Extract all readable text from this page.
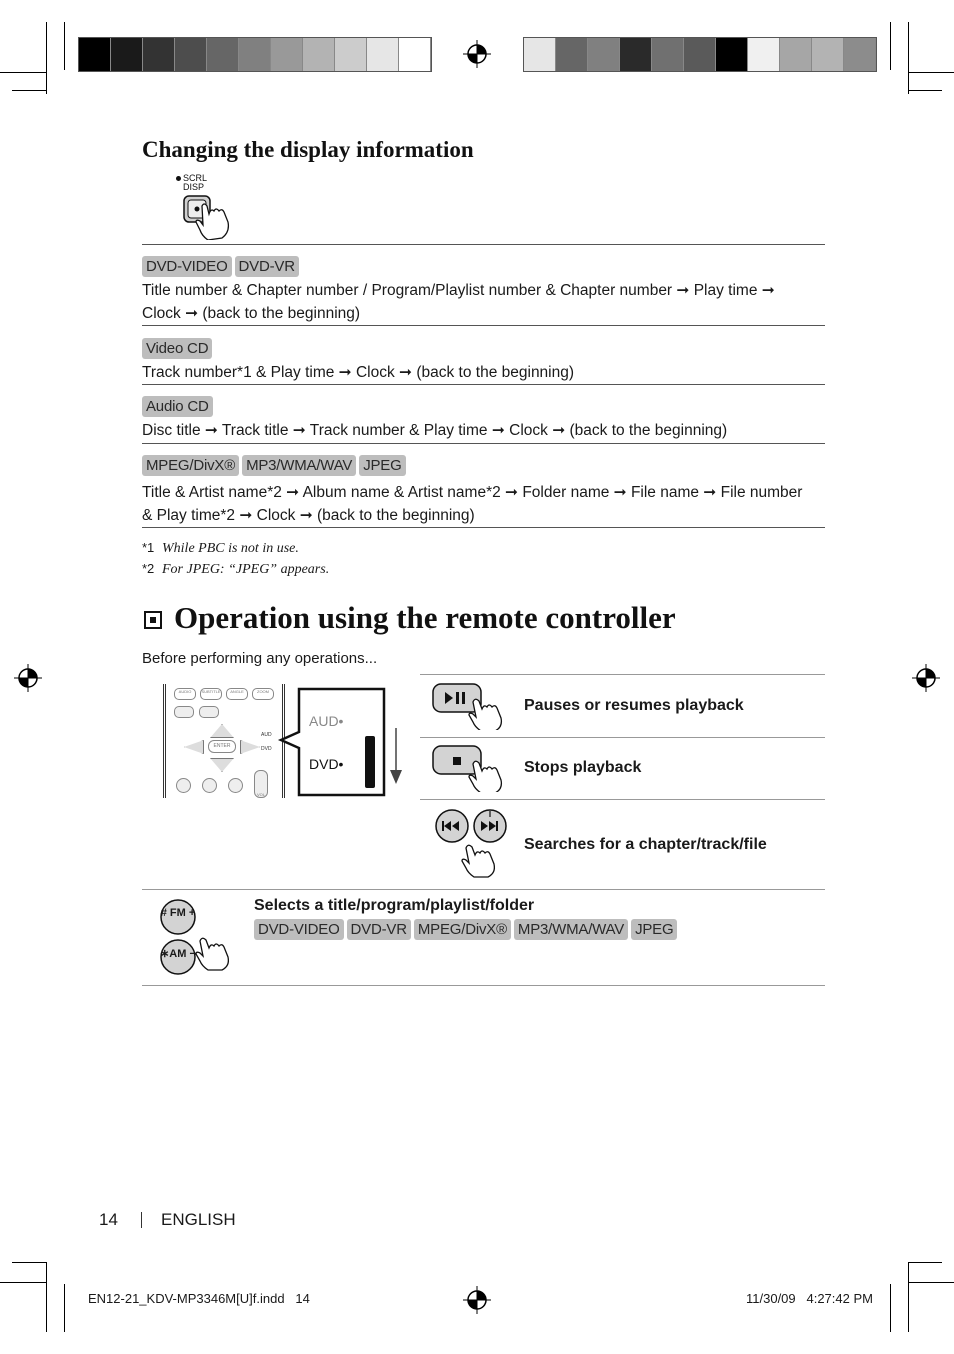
Changing the display information
SCRL
DISP
DVD-VIDEO DVD-VR
Title number & Chapter number / Program/Playlist number & Chapter number ➞ Play time ➞
Clock ➞ (back to the beginning)
Video CD
Track number*1 & Play time ➞ Clock ➞ (back to the beginning)
Audio CD
Disc title ➞ Track title ➞ Track number & Play time ➞ Clock ➞ (back to the beginning)
MPEG/DivX® MP3/WMA/WAV JPEG
Title & Artist name*2 ➞ Album name & Artist name*2 ➞ Folder name ➞ File name ➞ File number
& Play time*2 ➞ Clock ➞ (back to the beginning)
*1 While PBC is not in use.
*2 For JPEG: “JPEG” appears.
Operation using the remote controller
Before performing any operations...
AUDIO	SUBTITLE	ANGLE	ZOOM
ENTER
AUD
DVD
VOL
AUD•
DVD•
Pauses or resumes playback
Stops playback
Searches for a chapter/track/file
# FM +
∗AM −
Selects a title/program/playlist/folder
DVD-VIDEO DVD-VR MPEG/DivX® MP3/WMA/WAV JPEG
14	ENGLISH
EN12-21_KDV-MP3346M[U]f.indd   14	11/30/09   4:27:42 PM
